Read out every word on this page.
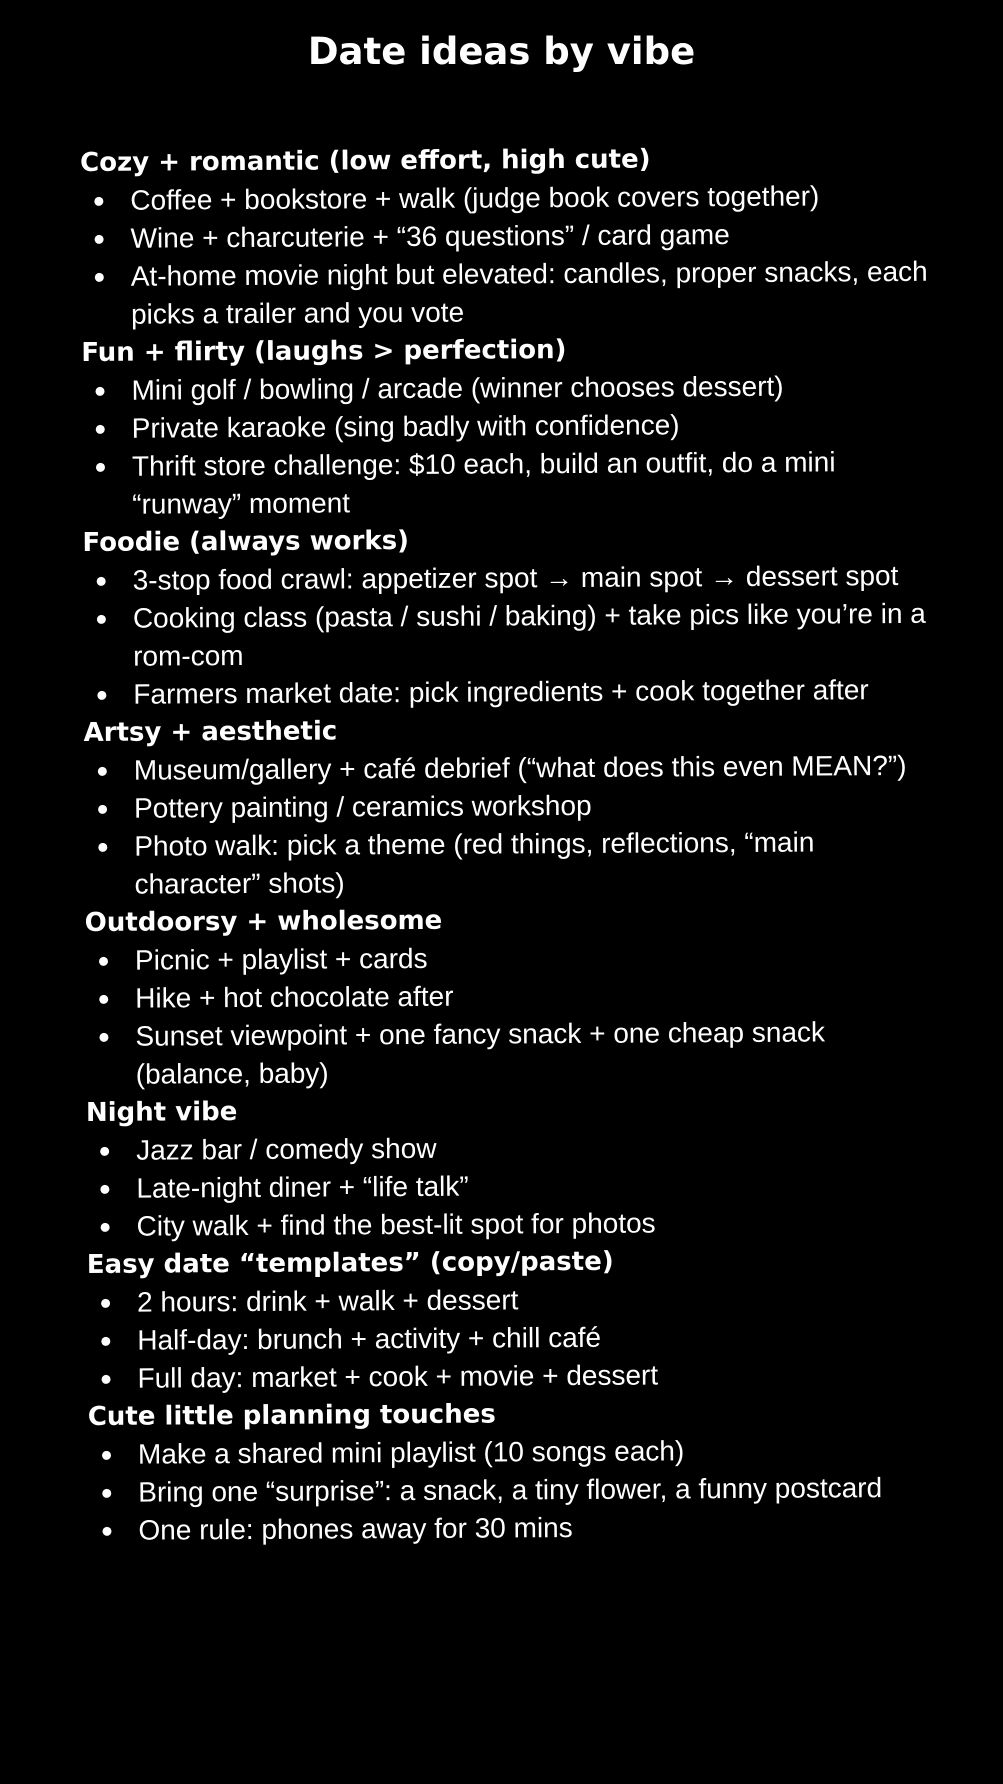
Date ideas by vibe
Cozy + romantic (low effort, high cute)
Coffee + bookstore + walk (judge book covers together)
Wine + charcuterie + “36 questions” / card game
At-home movie night but elevated: candles, proper snacks, each picks a trailer and you vote
Fun + flirty (laughs > perfection)
Mini golf / bowling / arcade (winner chooses dessert)
Private karaoke (sing badly with confidence)
Thrift store challenge: $10 each, build an outfit, do a mini “runway” moment
Foodie (always works)
3-stop food crawl: appetizer spot → main spot → dessert spot
Cooking class (pasta / sushi / baking) + take pics like you’re in a rom-com
Farmers market date: pick ingredients + cook together after
Artsy + aesthetic
Museum/gallery + café debrief (“what does this even MEAN?”)
Pottery painting / ceramics workshop
Photo walk: pick a theme (red things, reflections, “main character” shots)
Outdoorsy + wholesome
Picnic + playlist + cards
Hike + hot chocolate after
Sunset viewpoint + one fancy snack + one cheap snack (balance, baby)
Night vibe
Jazz bar / comedy show
Late-night diner + “life talk”
City walk + find the best-lit spot for photos
Easy date “templates” (copy/paste)
2 hours: drink + walk + dessert
Half-day: brunch + activity + chill café
Full day: market + cook + movie + dessert
Cute little planning touches
Make a shared mini playlist (10 songs each)
Bring one “surprise”: a snack, a tiny flower, a funny postcard
One rule: phones away for 30 mins
